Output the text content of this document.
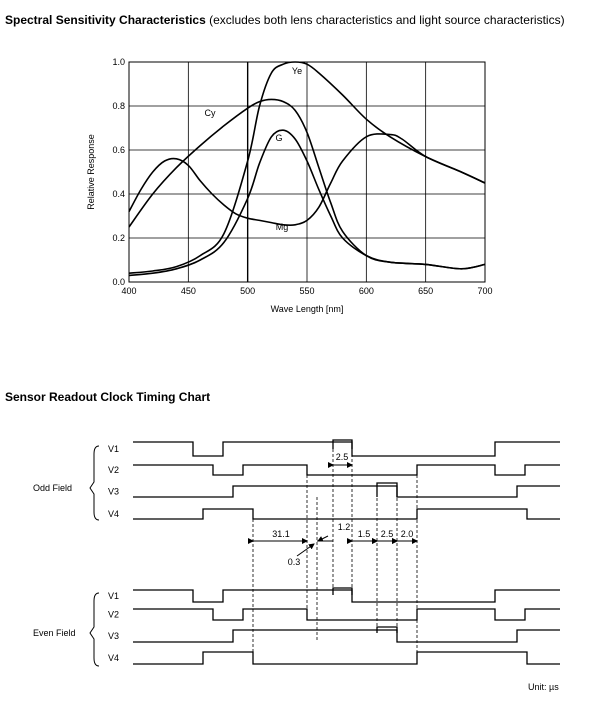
Spectral Sensitivity Characteristics (excludes both lens characteristics and light source characteristics)
400	450	500	550	600	650	700
0.0
0.2
0.4
0.6
0.8
1.0
Wave Length [nm]
Relative Response
Ye
Cy
G
Mg
Sensor Readout Clock Timing Chart
V1
V2
V3
V4
Odd Field
V1
V2
V3
V4
Even Field
2.5
31.1
1.2
0.3
1.5 2.5 2.0
Unit: µs
